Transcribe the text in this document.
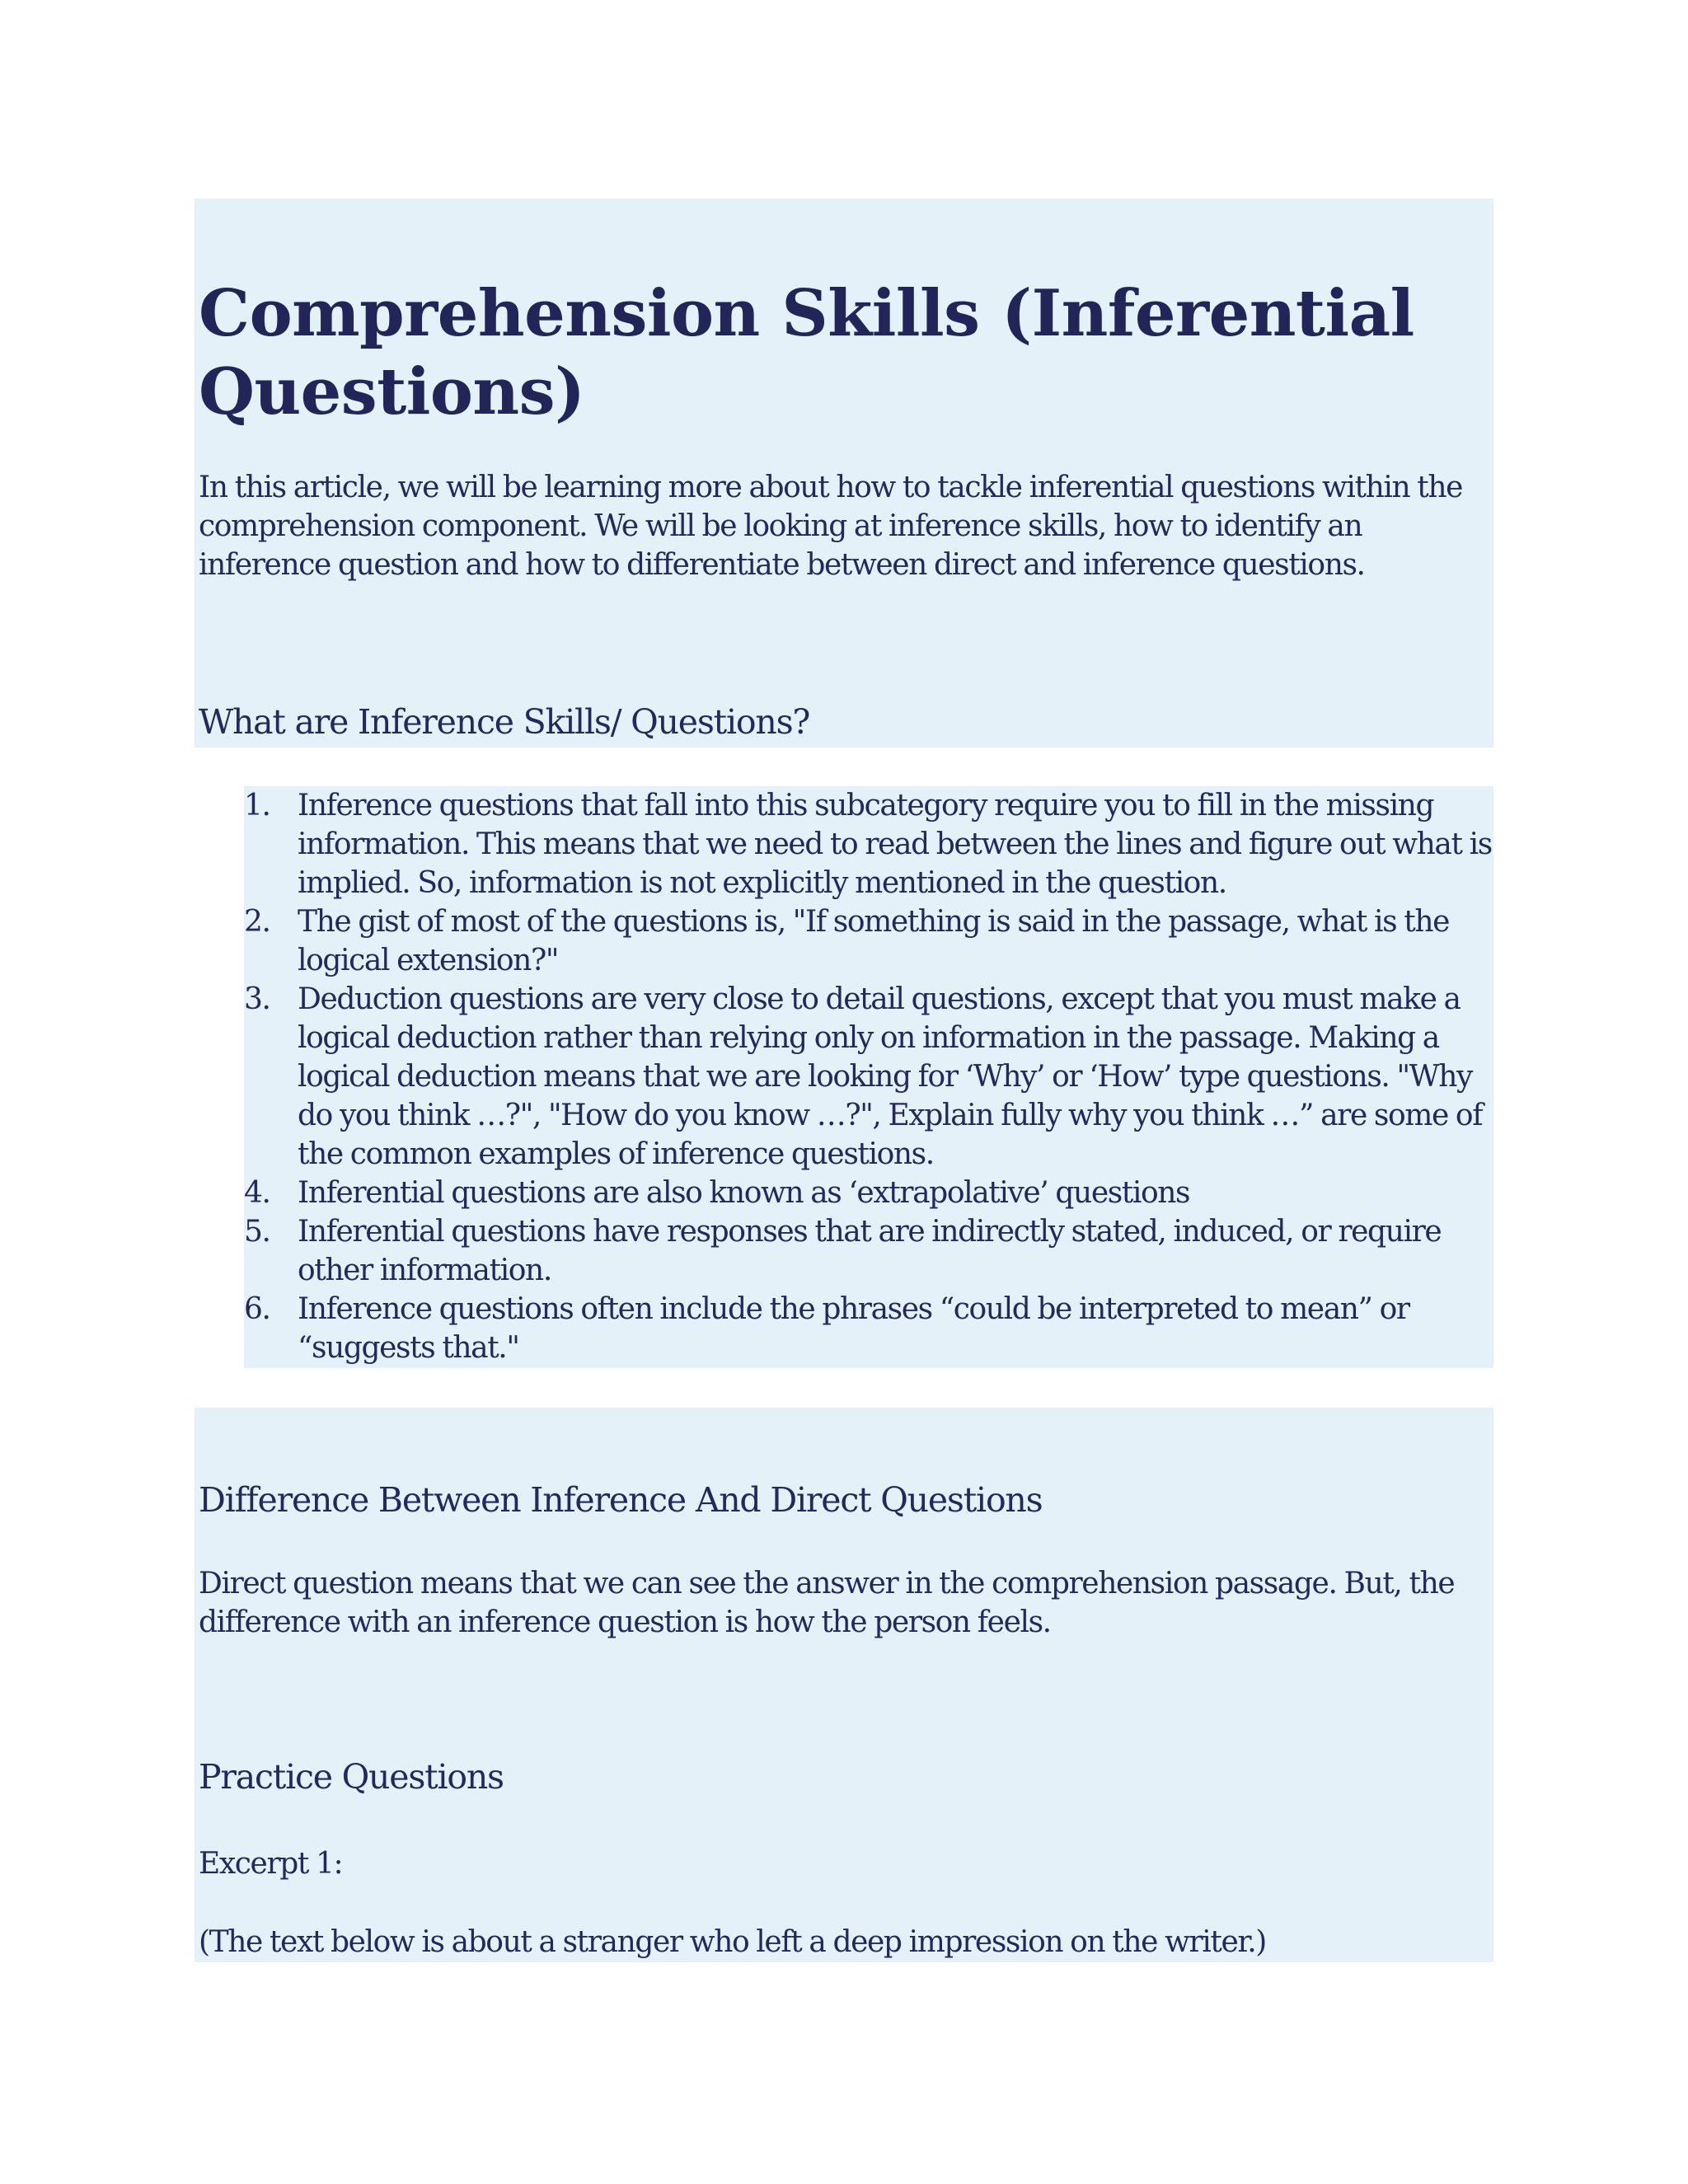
Comprehension Skills (Inferential Questions)

In this article, we will be learning more about how to tackle inferential questions within the comprehension component. We will be looking at inference skills, how to identify an inference question and how to differentiate between direct and inference questions.

What are Inference Skills/ Questions?
1. Inference questions that fall into this subcategory require you to fill in the missing information. This means that we need to read between the lines and figure out what is implied. So, information is not explicitly mentioned in the question.
2. The gist of most of the questions is, "If something is said in the passage, what is the logical extension?"
3. Deduction questions are very close to detail questions, except that you must make a logical deduction rather than relying only on information in the passage. Making a logical deduction means that we are looking for ‘Why’ or ‘How’ type questions. "Why do you think …?", "How do you know …?", Explain fully why you think …” are some of the common examples of inference questions.
4. Inferential questions are also known as ‘extrapolative’ questions
5. Inferential questions have responses that are indirectly stated, induced, or require other information.
6. Inference questions often include the phrases “could be interpreted to mean” or “suggests that."
Difference Between Inference And Direct Questions

Direct question means that we can see the answer in the comprehension passage. But, the difference with an inference question is how the person feels.

Practice Questions

Excerpt 1:

(The text below is about a stranger who left a deep impression on the writer.)
